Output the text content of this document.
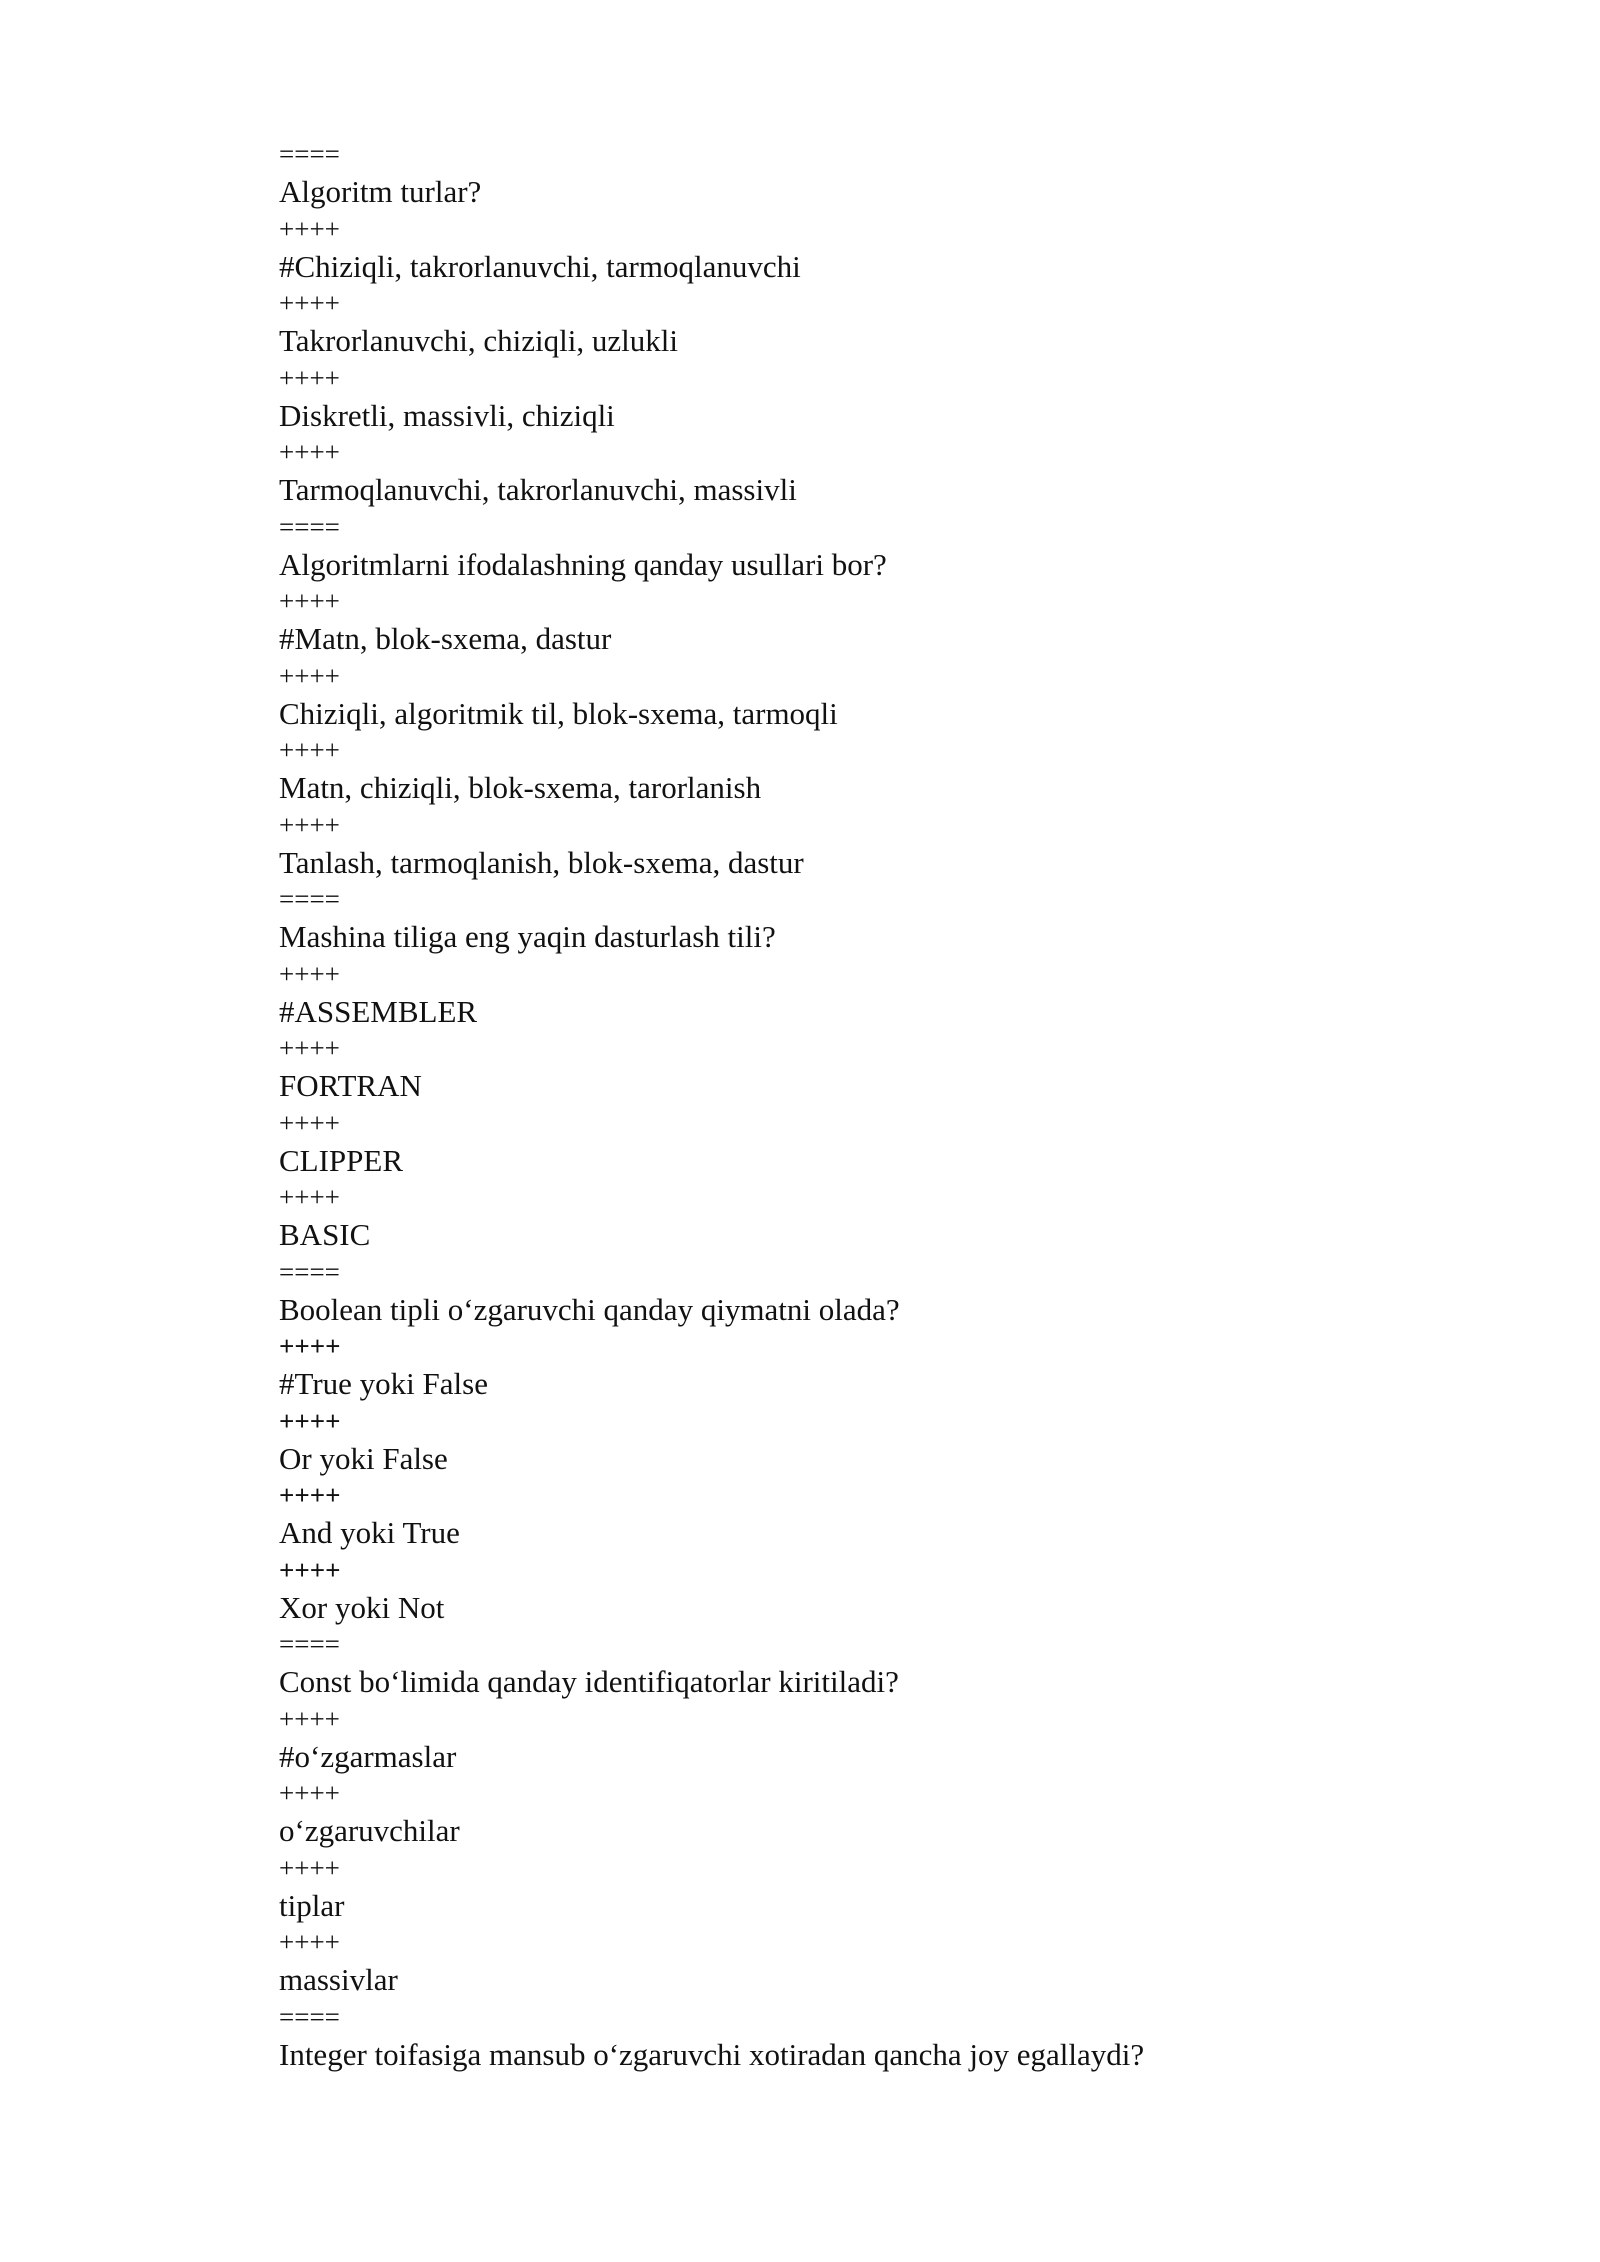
====
Algoritm turlar?
++++
#Chiziqli, takrorlanuvchi, tarmoqlanuvchi
++++
Takrorlanuvchi, chiziqli, uzlukli
++++
Diskretli, massivli, chiziqli
++++
Tarmoqlanuvchi, takrorlanuvchi, massivli
====
Algoritmlarni ifodalashning qanday usullari bor?
++++
#Matn, blok-sxema, dastur
++++
Chiziqli, algoritmik til, blok-sxema, tarmoqli
++++
Matn, chiziqli, blok-sxema, tarorlanish
++++
Tanlash, tarmoqlanish, blok-sxema, dastur
====
Mashina tiliga eng yaqin dasturlash tili?
++++
#ASSEMBLER
++++
FORTRAN
++++
CLIPPER
++++
BASIC
====
Boolean tipli o‘zgaruvchi qanday qiymatni olada?
++++
#True yoki False
++++
Or yoki False
++++
And yoki True
++++
Xor yoki Not
====
Const bo‘limida qanday identifiqatorlar kiritiladi?
++++
#o‘zgarmaslar
++++
o‘zgaruvchilar
++++
tiplar
++++
massivlar
====
Integer toifasiga mansub o‘zgaruvchi xotiradan qancha joy egallaydi?
